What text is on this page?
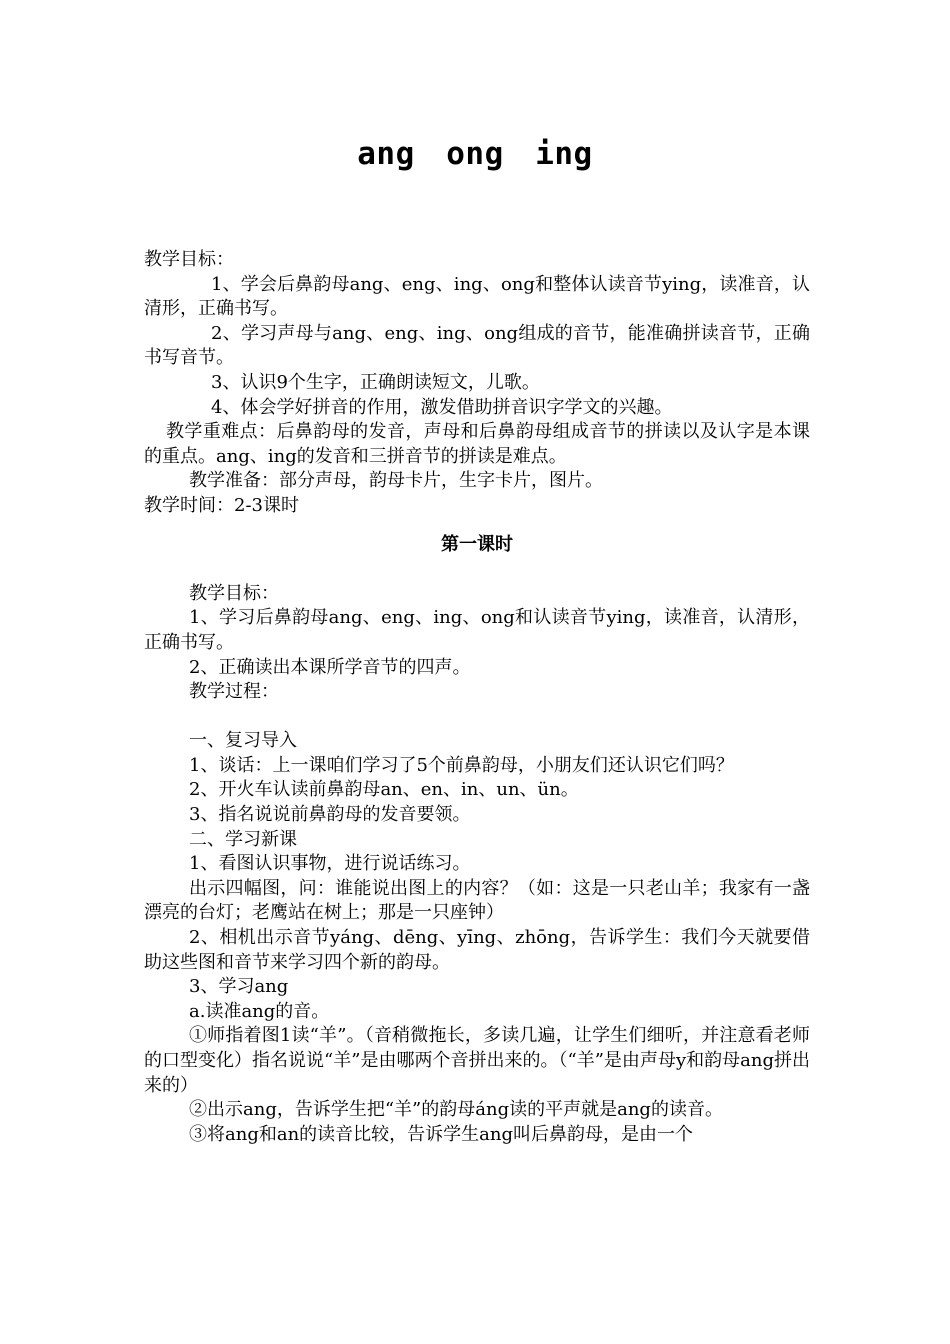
ang　ong　ing

教学目标：

1、学会后鼻韵母ang、eng、ing、ong和整体认读音节ying，读准音，认清形，正确书写。

2、学习声母与ang、eng、ing、ong组成的音节，能准确拼读音节，正确书写音节。

3、认识9个生字，正确朗读短文，儿歌。

4、体会学好拼音的作用，激发借助拼音识字学文的兴趣。

教学重难点：后鼻韵母的发音，声母和后鼻韵母组成音节的拼读以及认字是本课的重点。ang、ing的发音和三拼音节的拼读是难点。

教学准备：部分声母，韵母卡片，生字卡片，图片。

教学时间：2-3课时

第一课时

教学目标：

1、学习后鼻韵母ang、eng、ing、ong和认读音节ying，读准音，认清形，正确书写。

2、正确读出本课所学音节的四声。

教学过程：

一、复习导入

1、谈话：上一课咱们学习了5个前鼻韵母，小朋友们还认识它们吗？

2、开火车认读前鼻韵母an、en、in、un、ün。

3、指名说说前鼻韵母的发音要领。

二、学习新课

1、看图认识事物，进行说话练习。

出示四幅图，问：谁能说出图上的内容？（如：这是一只老山羊；我家有一盏漂亮的台灯；老鹰站在树上；那是一只座钟）

2、相机出示音节yáng、dēng、yīng、zhōng，告诉学生：我们今天就要借助这些图和音节来学习四个新的韵母。

3、学习ang

a.读准ang的音。

①师指着图1读“羊”。（音稍微拖长，多读几遍，让学生们细听，并注意看老师的口型变化）指名说说“羊”是由哪两个音拼出来的。（“羊”是由声母y和韵母ang拼出来的）

②出示ang，告诉学生把“羊”的韵母áng读的平声就是ang的读音。

③将ang和an的读音比较，告诉学生ang叫后鼻韵母，是由一个
